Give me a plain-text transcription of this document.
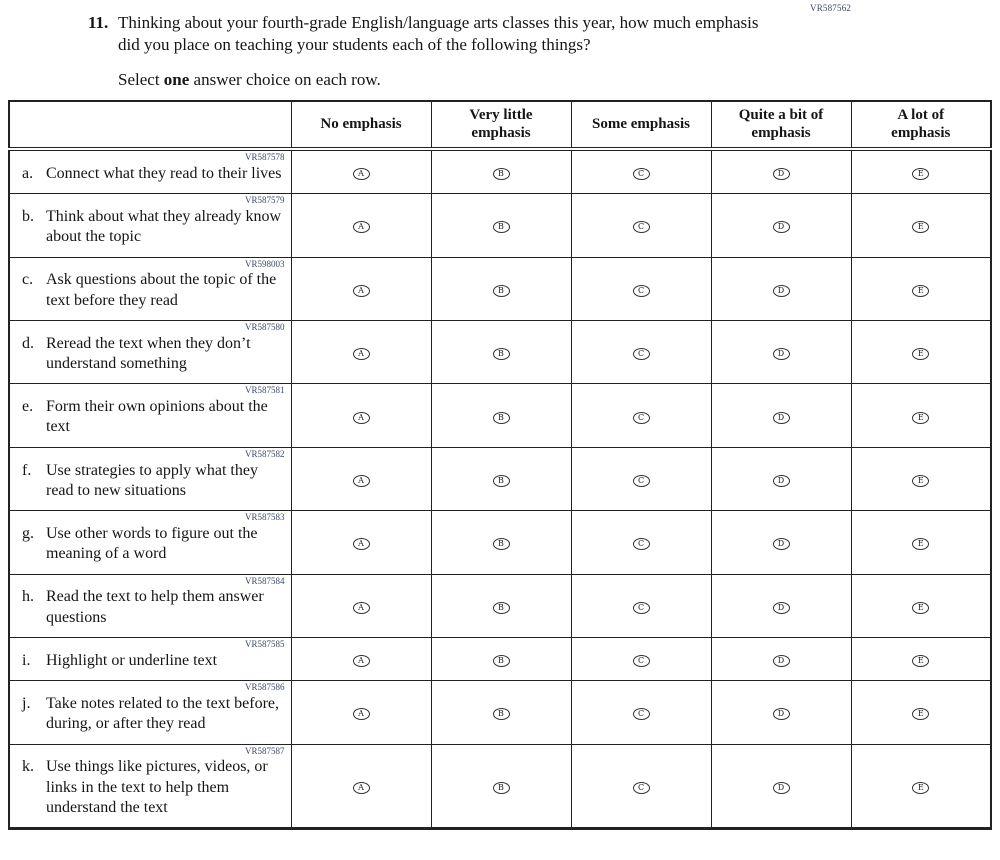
VR587562
11. Thinking about your fourth-grade English/language arts classes this year, how much emphasis did you place on teaching your students each of the following things?

Select one answer choice on each row.

	No emphasis	Very little
emphasis	Some emphasis	Quite a bit of
emphasis	A lot of
emphasis

VR587578
a. Connect what they read to their lives	A	B	C	D	E

VR587579
b. Think about what they already know about the topic	A	B	C	D	E

VR598003
c. Ask questions about the topic of the text before they read	A	B	C	D	E

VR587580
d. Reread the text when they don’t understand something	A	B	C	D	E

VR587581
e. Form their own opinions about the text	A	B	C	D	E

VR587582
f. Use strategies to apply what they read to new situations	A	B	C	D	E

VR587583
g. Use other words to figure out the meaning of a word	A	B	C	D	E

VR587584
h. Read the text to help them answer questions	A	B	C	D	E

VR587585
i. Highlight or underline text	A	B	C	D	E

VR587586
j. Take notes related to the text before, during, or after they read	A	B	C	D	E

VR587587
k. Use things like pictures, videos, or links in the text to help them understand the text	A	B	C	D	E
